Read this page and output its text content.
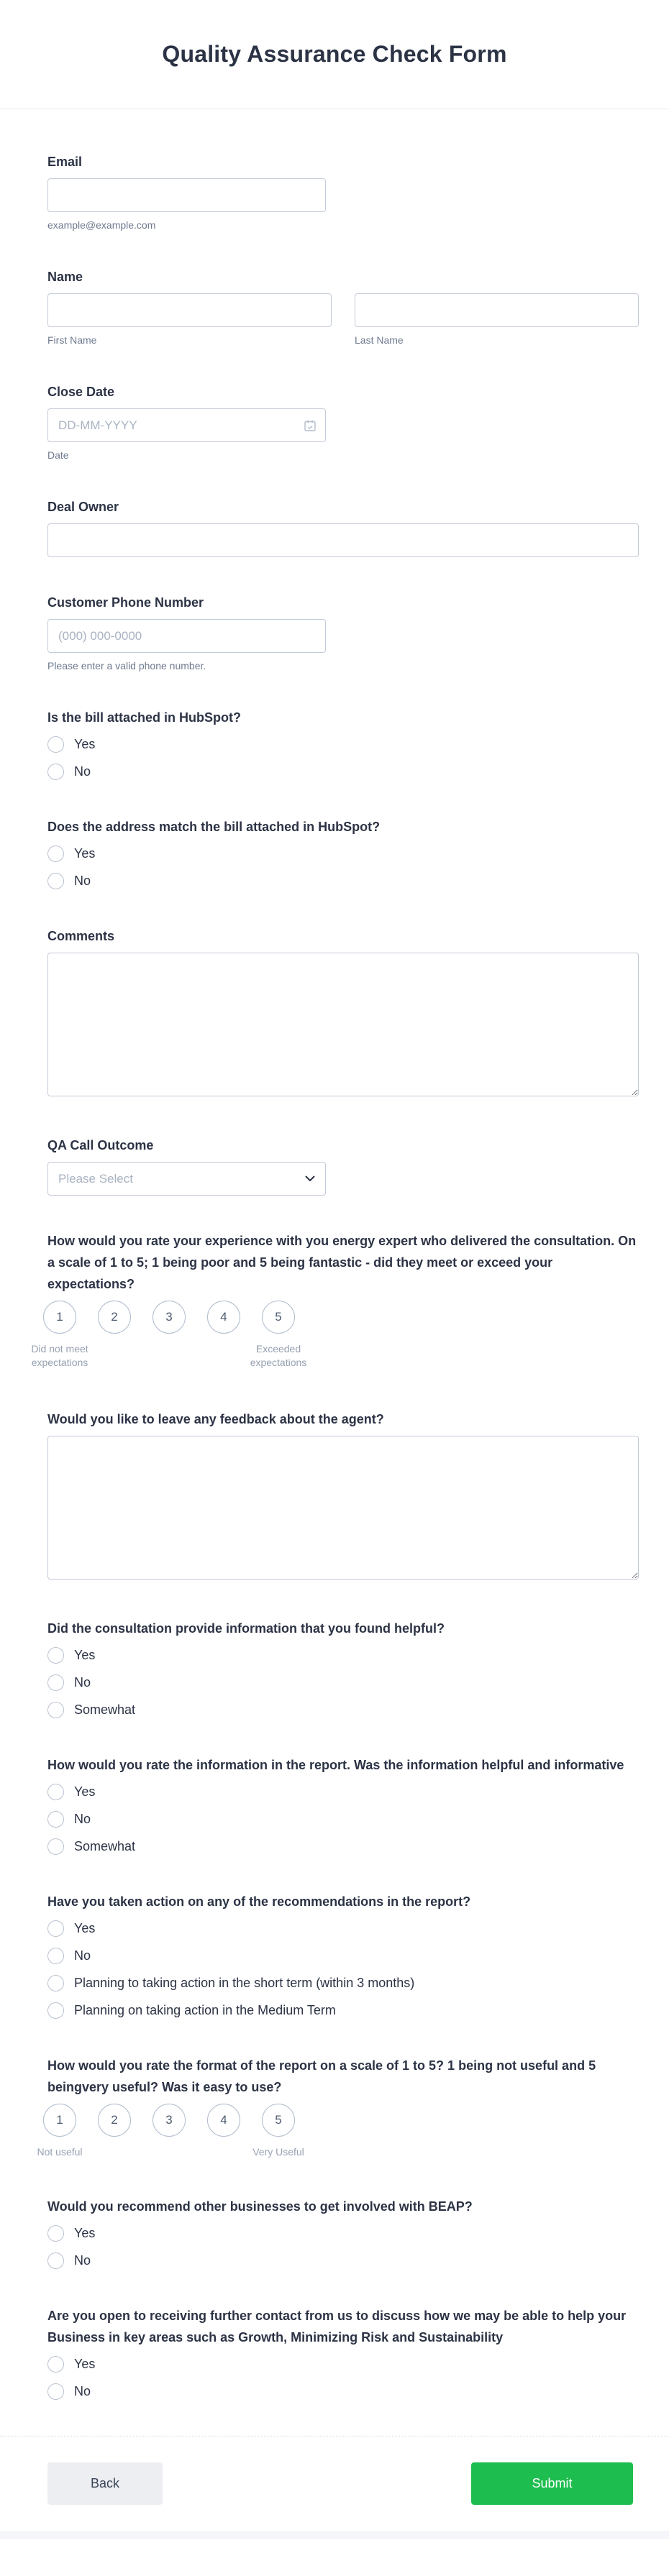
Quality Assurance Check Form
Email
example@example.com
Name
First Name	Last Name
Close Date
DD-MM-YYYY
Date
Deal Owner
Customer Phone Number
(000) 000-0000
Please enter a valid phone number.
Is the bill attached in HubSpot?
Yes
No
Does the address match the bill attached in HubSpot?
Yes
No
Comments
QA Call Outcome
Please Select
How would you rate your experience with you energy expert who delivered the consultation. On a scale of 1 to 5; 1 being poor and 5 being fantastic - did they meet or exceed your expectations?
1	2	3	4	5
Did not meet expectations
Exceeded expectations
Would you like to leave any feedback about the agent?
Did the consultation provide information that you found helpful?
Yes
No
Somewhat
How would you rate the information in the report. Was the information helpful and informative
Yes
No
Somewhat
Have you taken action on any of the recommendations in the report?
Yes
No
Planning to taking action in the short term (within 3 months)
Planning on taking action in the Medium Term
How would you rate the format of the report on a scale of 1 to 5? 1 being not useful and 5 beingvery useful? Was it easy to use?
1	2	3	4	5
Not useful	Very Useful
Would you recommend other businesses to get involved with BEAP?
Yes
No
Are you open to receiving further contact from us to discuss how we may be able to help your Business in key areas such as Growth, Minimizing Risk and Sustainability
Yes
No
Back	Submit
